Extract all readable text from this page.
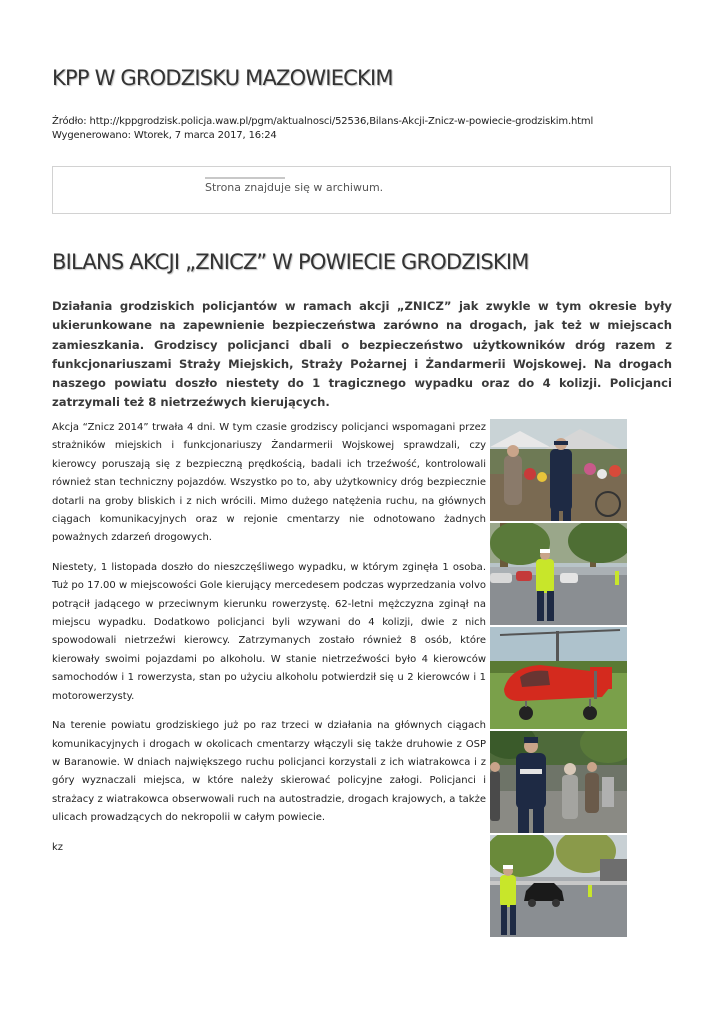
KPP W GRODZISKU MAZOWIECKIM
Źródło: http://kppgrodzisk.policja.waw.pl/pgm/aktualnosci/52536,Bilans-Akcji-Znicz-w-powiecie-grodziskim.html
Wygenerowano: Wtorek, 7 marca 2017, 16:24
Strona znajduje się w archiwum.
BILANS AKCJI „ZNICZ” W POWIECIE GRODZISKIM

Działania grodziskich policjantów w ramach akcji „ZNICZ” jak zwykle w tym okresie były ukierunkowane na zapewnienie bezpieczeństwa zarówno na drogach, jak też w miejscach zamieszkania. Grodziscy policjanci dbali o bezpieczeństwo użytkowników dróg razem z funkcjonariuszami Straży Miejskich, Straży Pożarnej i Żandarmerii Wojskowej. Na drogach naszego powiatu doszło niestety do 1 tragicznego wypadku oraz do 4 kolizji. Policjanci zatrzymali też 8 nietrzeźwych kierujących.

Akcja “Znicz 2014” trwała 4 dni. W tym czasie grodziscy policjanci wspomagani przez strażników miejskich i funkcjonariuszy Żandarmerii Wojskowej sprawdzali, czy kierowcy poruszają się z bezpieczną prędkością, badali ich trzeźwość, kontrolowali również stan techniczny pojazdów. Wszystko po to, aby użytkownicy dróg bezpiecznie dotarli na groby bliskich i z nich wrócili. Mimo dużego natężenia ruchu, na głównych ciągach komunikacyjnych oraz w rejonie cmentarzy nie odnotowano żadnych poważnych zdarzeń drogowych.

Niestety, 1 listopada doszło do nieszczęśliwego wypadku, w którym zginęła 1 osoba. Tuż po 17.00 w miejscowości Gole kierujący mercedesem podczas wyprzedzania volvo potrącił jadącego w przeciwnym kierunku rowerzystę. 62-letni mężczyzna zginął na miejscu wypadku. Dodatkowo policjanci byli wzywani do 4 kolizji, dwie z nich spowodowali nietrzeźwi kierowcy. Zatrzymanych zostało również 8 osób, które kierowały swoimi pojazdami po alkoholu. W stanie nietrzeźwości było 4 kierowców samochodów i 1 rowerzysta, stan po użyciu alkoholu potwierdził się u 2 kierowców i 1 motorowerzysty.

Na terenie powiatu grodziskiego już po raz trzeci w działania na głównych ciągach komunikacyjnych i drogach w okolicach cmentarzy włączyli się także druhowie z OSP w Baranowie. W dniach największego ruchu policjanci korzystali z ich wiatrakowca i z góry wyznaczali miejsca, w które należy skierować policyjne załogi. Policjanci i strażacy z wiatrakowca obserwowali ruch na autostradzie, drogach krajowych, a także ulicach prowadzących do nekropolii w całym powiecie.

kz
